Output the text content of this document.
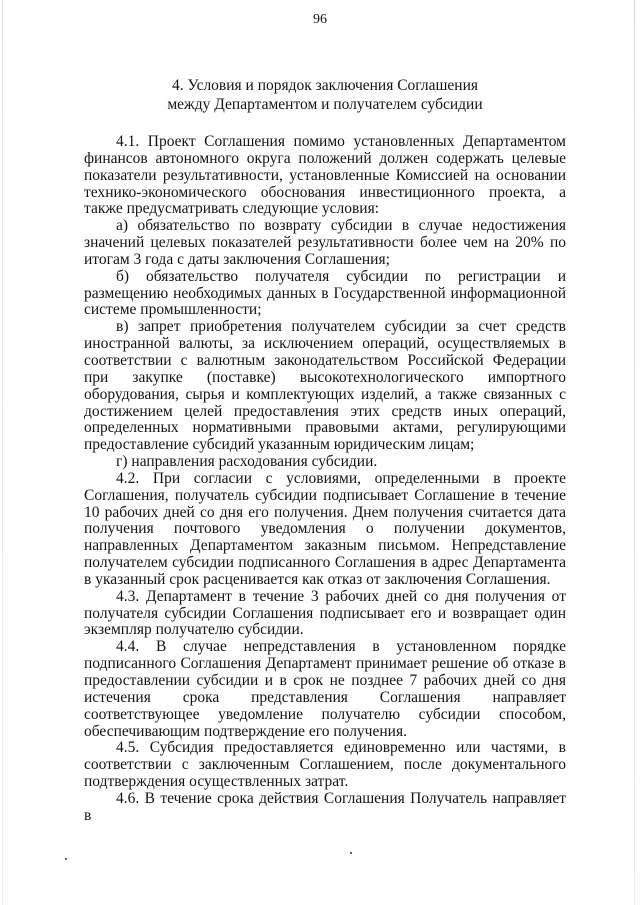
96
4. Условия и порядок заключения Соглашения
между Департаментом и получателем субсидии

4.1. Проект Соглашения помимо установленных Департаментом финансов автономного округа положений должен содержать целевые показатели результативности, установленные Комиссией на основании технико-экономического обоснования инвестиционного проекта, а также предусматривать следующие условия:

а) обязательство по возврату субсидии в случае недостижения значений целевых показателей результативности более чем на 20% по итогам 3 года с даты заключения Соглашения;

б) обязательство получателя субсидии по регистрации и размещению необходимых данных в Государственной информационной системе промышленности;

в) запрет приобретения получателем субсидии за счет средств иностранной валюты, за исключением операций, осуществляемых в соответствии с валютным законодательством Российской Федерации при закупке (поставке) высокотехнологического импортного оборудования, сырья и комплектующих изделий, а также связанных с достижением целей предоставления этих средств иных операций, определенных нормативными правовыми актами, регулирующими предоставление субсидий указанным юридическим лицам;

г) направления расходования субсидии.

4.2. При согласии с условиями, определенными в проекте Соглашения, получатель субсидии подписывает Соглашение в течение 10 рабочих дней со дня его получения. Днем получения считается дата получения почтового уведомления о получении документов, направленных Департаментом заказным письмом. Непредставление получателем субсидии подписанного Соглашения в адрес Департамента в указанный срок расценивается как отказ от заключения Соглашения.

4.3. Департамент в течение 3 рабочих дней со дня получения от получателя субсидии Соглашения подписывает его и возвращает один экземпляр получателю субсидии.

4.4. В случае непредставления в установленном порядке подписанного Соглашения Департамент принимает решение об отказе в предоставлении субсидии и в срок не позднее 7 рабочих дней со дня истечения срока представления Соглашения направляет соответствующее уведомление получателю субсидии способом, обеспечивающим подтверждение его получения.

4.5. Субсидия предоставляется единовременно или частями, в соответствии с заключенным Соглашением, после документального подтверждения осуществленных затрат.

4.6. В течение срока действия Соглашения Получатель направляет в
